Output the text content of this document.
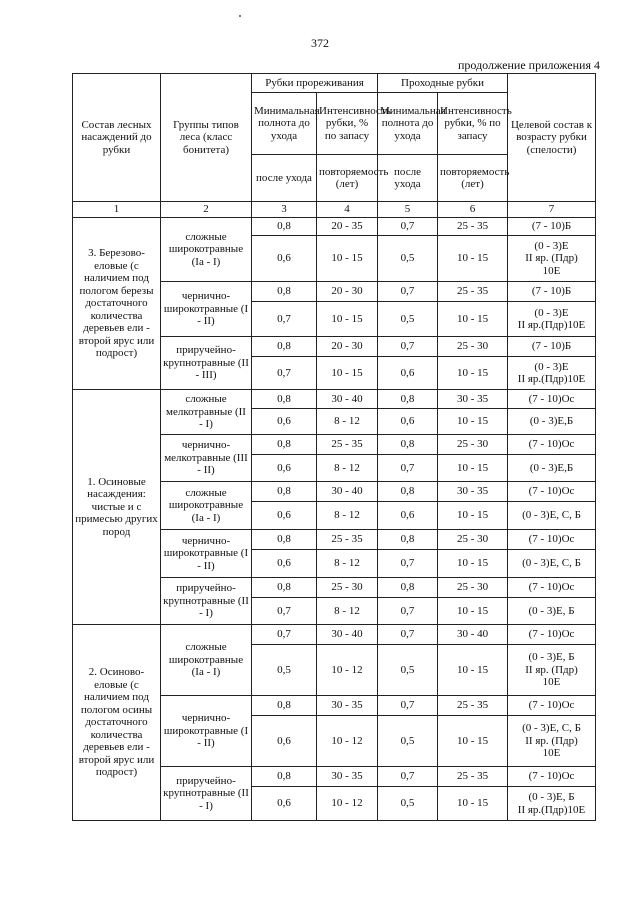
372
продолжение приложения 4
Состав лесных насаждений до рубки	Группы типов леса (класс бонитета)	Рубки прореживания		Проходные рубки		Целевой состав к возрасту рубки (спелости)
		Минимальная полнота до ухода	Интенсивность рубки, % по запасу	Минимальная полнота до ухода	Интенсивность рубки, % по запасу	
		после ухода	повторяемость (лет)	после ухода	повторяемость (лет)	
1	2	3	4	5	6	7
3. Березово-еловые (с наличием под пологом березы достаточного количества деревьев ели - второй ярус или подрост)	сложные широкотравные (Ia - I)	0,8	20 - 35	0,7	25 - 35	(7 - 10)Б
		0,6	10 - 15	0,5	10 - 15	(0 - 3)Е
II яр. (Пдр)
10Е
	чернично-широкотравные (I - II)	0,8	20 - 30	0,7	25 - 35	(7 - 10)Б
		0,7	10 - 15	0,5	10 - 15	(0 - 3)Е
II яр.(Пдр)10Е
	приручейно-крупнотравные (II - III)	0,8	20 - 30	0,7	25 - 30	(7 - 10)Б
		0,7	10 - 15	0,6	10 - 15	(0 - 3)Е
II яр.(Пдр)10Е
1. Осиновые насаждения: чистые и с примесью других пород	сложные мелкотравные (II - I)	0,8	30 - 40	0,8	30 - 35	(7 - 10)Ос
		0,6	8 - 12	0,6	10 - 15	(0 - 3)Е,Б
	чернично-мелкотравные (III - II)	0,8	25 - 35	0,8	25 - 30	(7 - 10)Ос
		0,6	8 - 12	0,7	10 - 15	(0 - 3)Е,Б
	сложные широкотравные (Ia - I)	0,8	30 - 40	0,8	30 - 35	(7 - 10)Ос
		0,6	8 - 12	0,6	10 - 15	(0 - 3)Е, С, Б
	чернично-широкотравные (I - II)	0,8	25 - 35	0,8	25 - 30	(7 - 10)Ос
		0,6	8 - 12	0,7	10 - 15	(0 - 3)Е, С, Б
	приручейно-крупнотравные (II - I)	0,8	25 - 30	0,8	25 - 30	(7 - 10)Ос
		0,7	8 - 12	0,7	10 - 15	(0 - 3)Е, Б
2. Осиново-еловые (с наличием под пологом осины достаточного количества деревьев ели - второй ярус или подрост)	сложные широкотравные (Ia - I)	0,7	30 - 40	0,7	30 - 40	(7 - 10)Ос
		0,5	10 - 12	0,5	10 - 15	(0 - 3)Е, Б
II яр. (Пдр)
10Е
	чернично-широкотравные (I - II)	0,8	30 - 35	0,7	25 - 35	(7 - 10)Ос
		0,6	10 - 12	0,5	10 - 15	(0 - 3)Е, С, Б
II яр. (Пдр)
10Е
	приручейно-крупнотравные (II - I)	0,8	30 - 35	0,7	25 - 35	(7 - 10)Ос
		0,6	10 - 12	0,5	10 - 15	(0 - 3)Е, Б
II яр.(Пдр)10Е
